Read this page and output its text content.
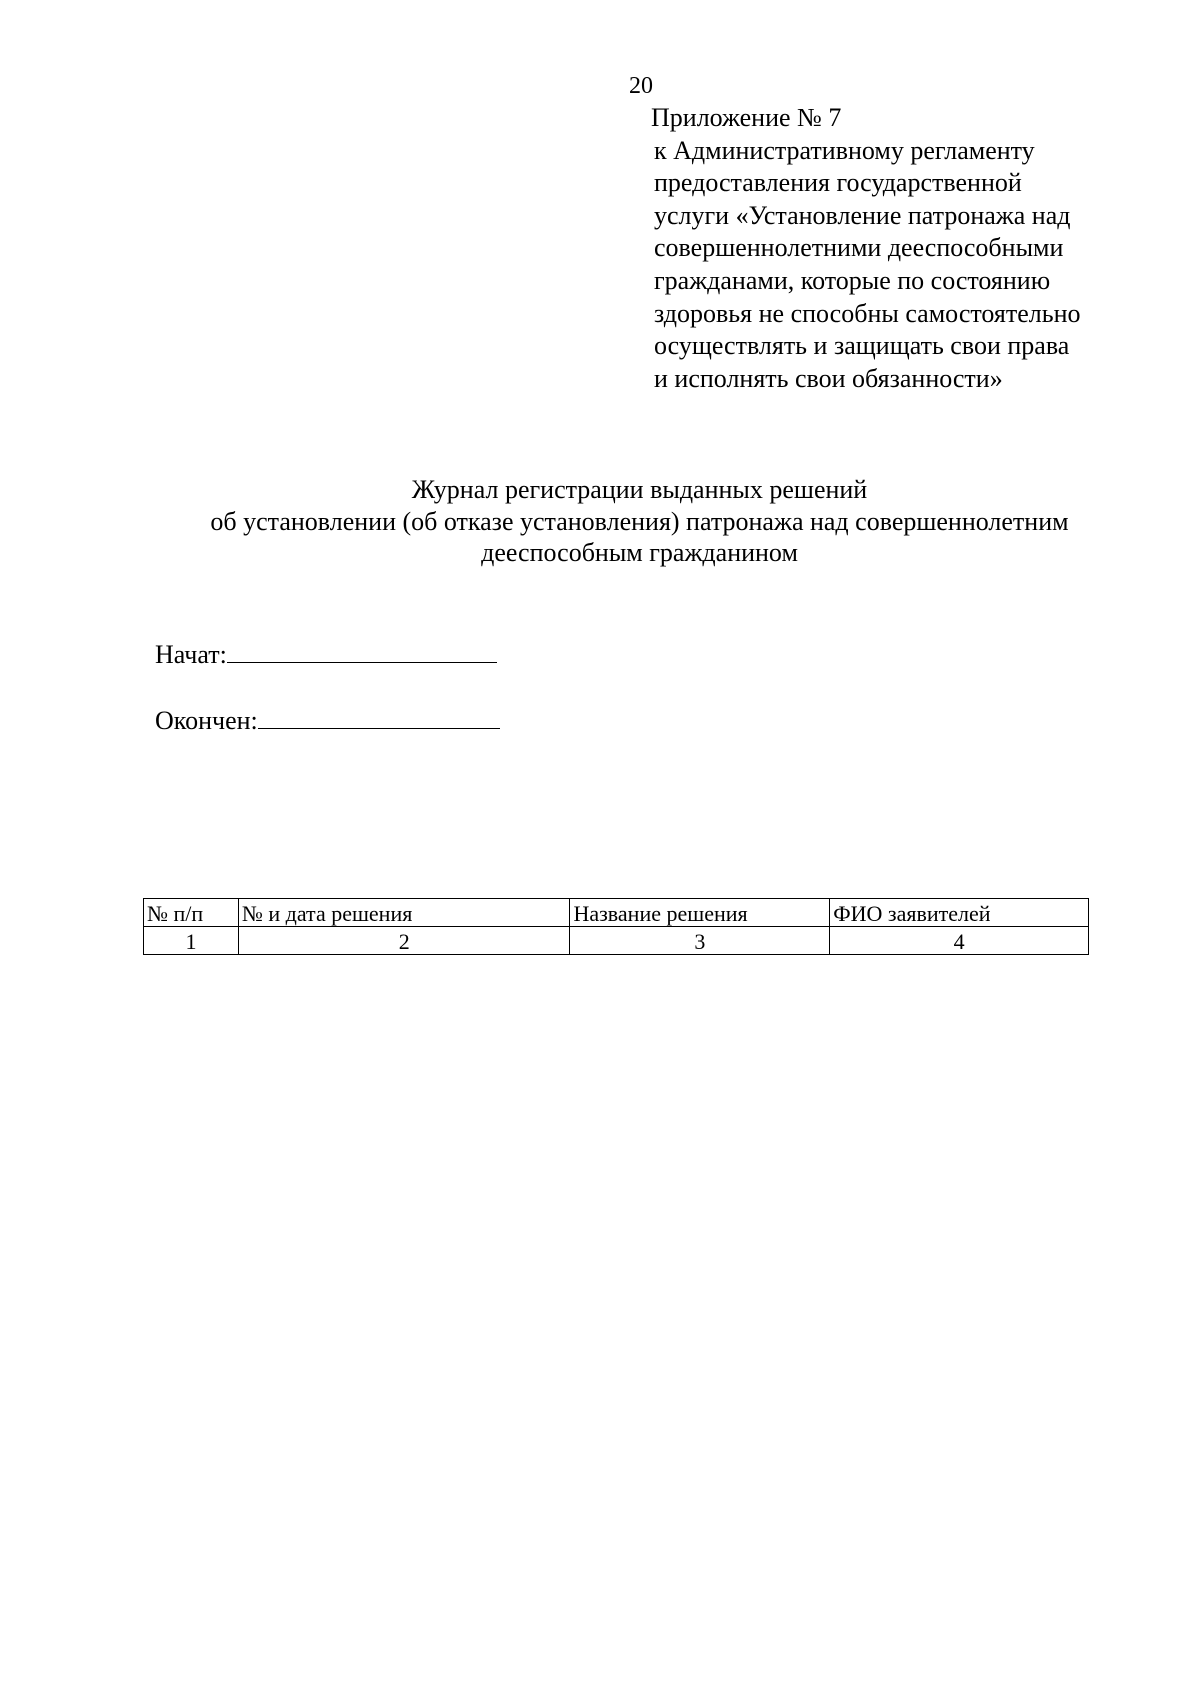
20
Приложение № 7
к Административному регламенту
предоставления государственной
услуги «Установление патронажа над
совершеннолетними дееспособными
гражданами, которые по состоянию
здоровья не способны самостоятельно
осуществлять и защищать свои права
и исполнять свои обязанности»
Журнал регистрации выданных решений
об установлении (об отказе установления) патронажа над совершеннолетним
дееспособным гражданином
Начат:
Окончен:
№ п/п	№ и дата решения	Название решения	ФИО заявителей
1	2	3	4
